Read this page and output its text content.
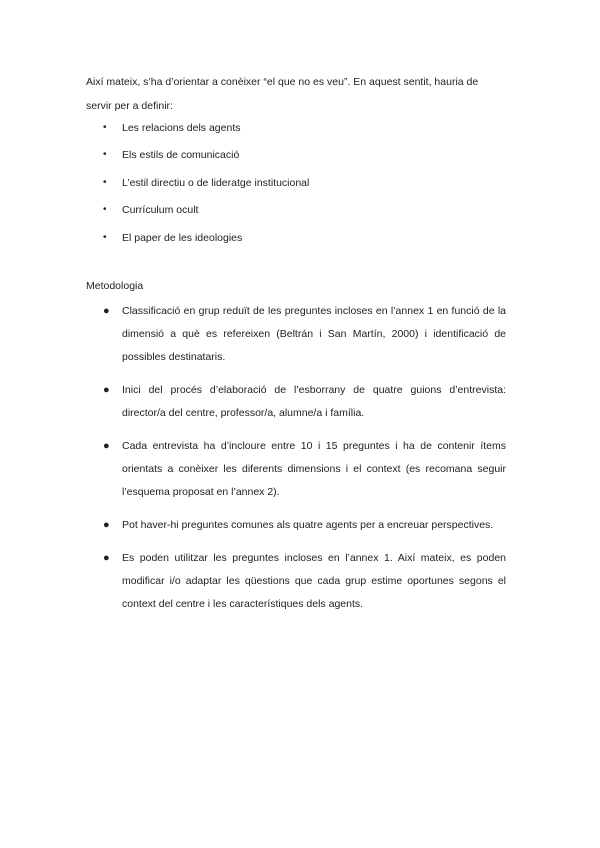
Així mateix, s’ha d’orientar a conèixer “el que no es veu”. En aquest sentit, hauria de
servir per a definir:
• Les relacions dels agents
• Els estils de comunicació
• L’estil directiu o de lideratge institucional
• Currículum ocult
• El paper de les ideologies
Metodologia
● Classificació en grup reduït de les preguntes incloses en l’annex 1 en funció de la dimensió a què es refereixen (Beltrán i San Martín, 2000) i identificació de possibles destinataris.
● Inici del procés d’elaboració de l’esborrany de quatre guions d’entrevista: director/a del centre, professor/a, alumne/a i família.
● Cada entrevista ha d’incloure entre 10 i 15 preguntes i ha de contenir ítems orientats a conèixer les diferents dimensions i el context (es recomana seguir l’esquema proposat en l’annex 2).
● Pot haver-hi preguntes comunes als quatre agents per a encreuar perspectives.
● Es poden utilitzar les preguntes incloses en l’annex 1. Així mateix, es poden modificar i/o adaptar les qüestions que cada grup estime oportunes segons el context del centre i les característiques dels agents.
